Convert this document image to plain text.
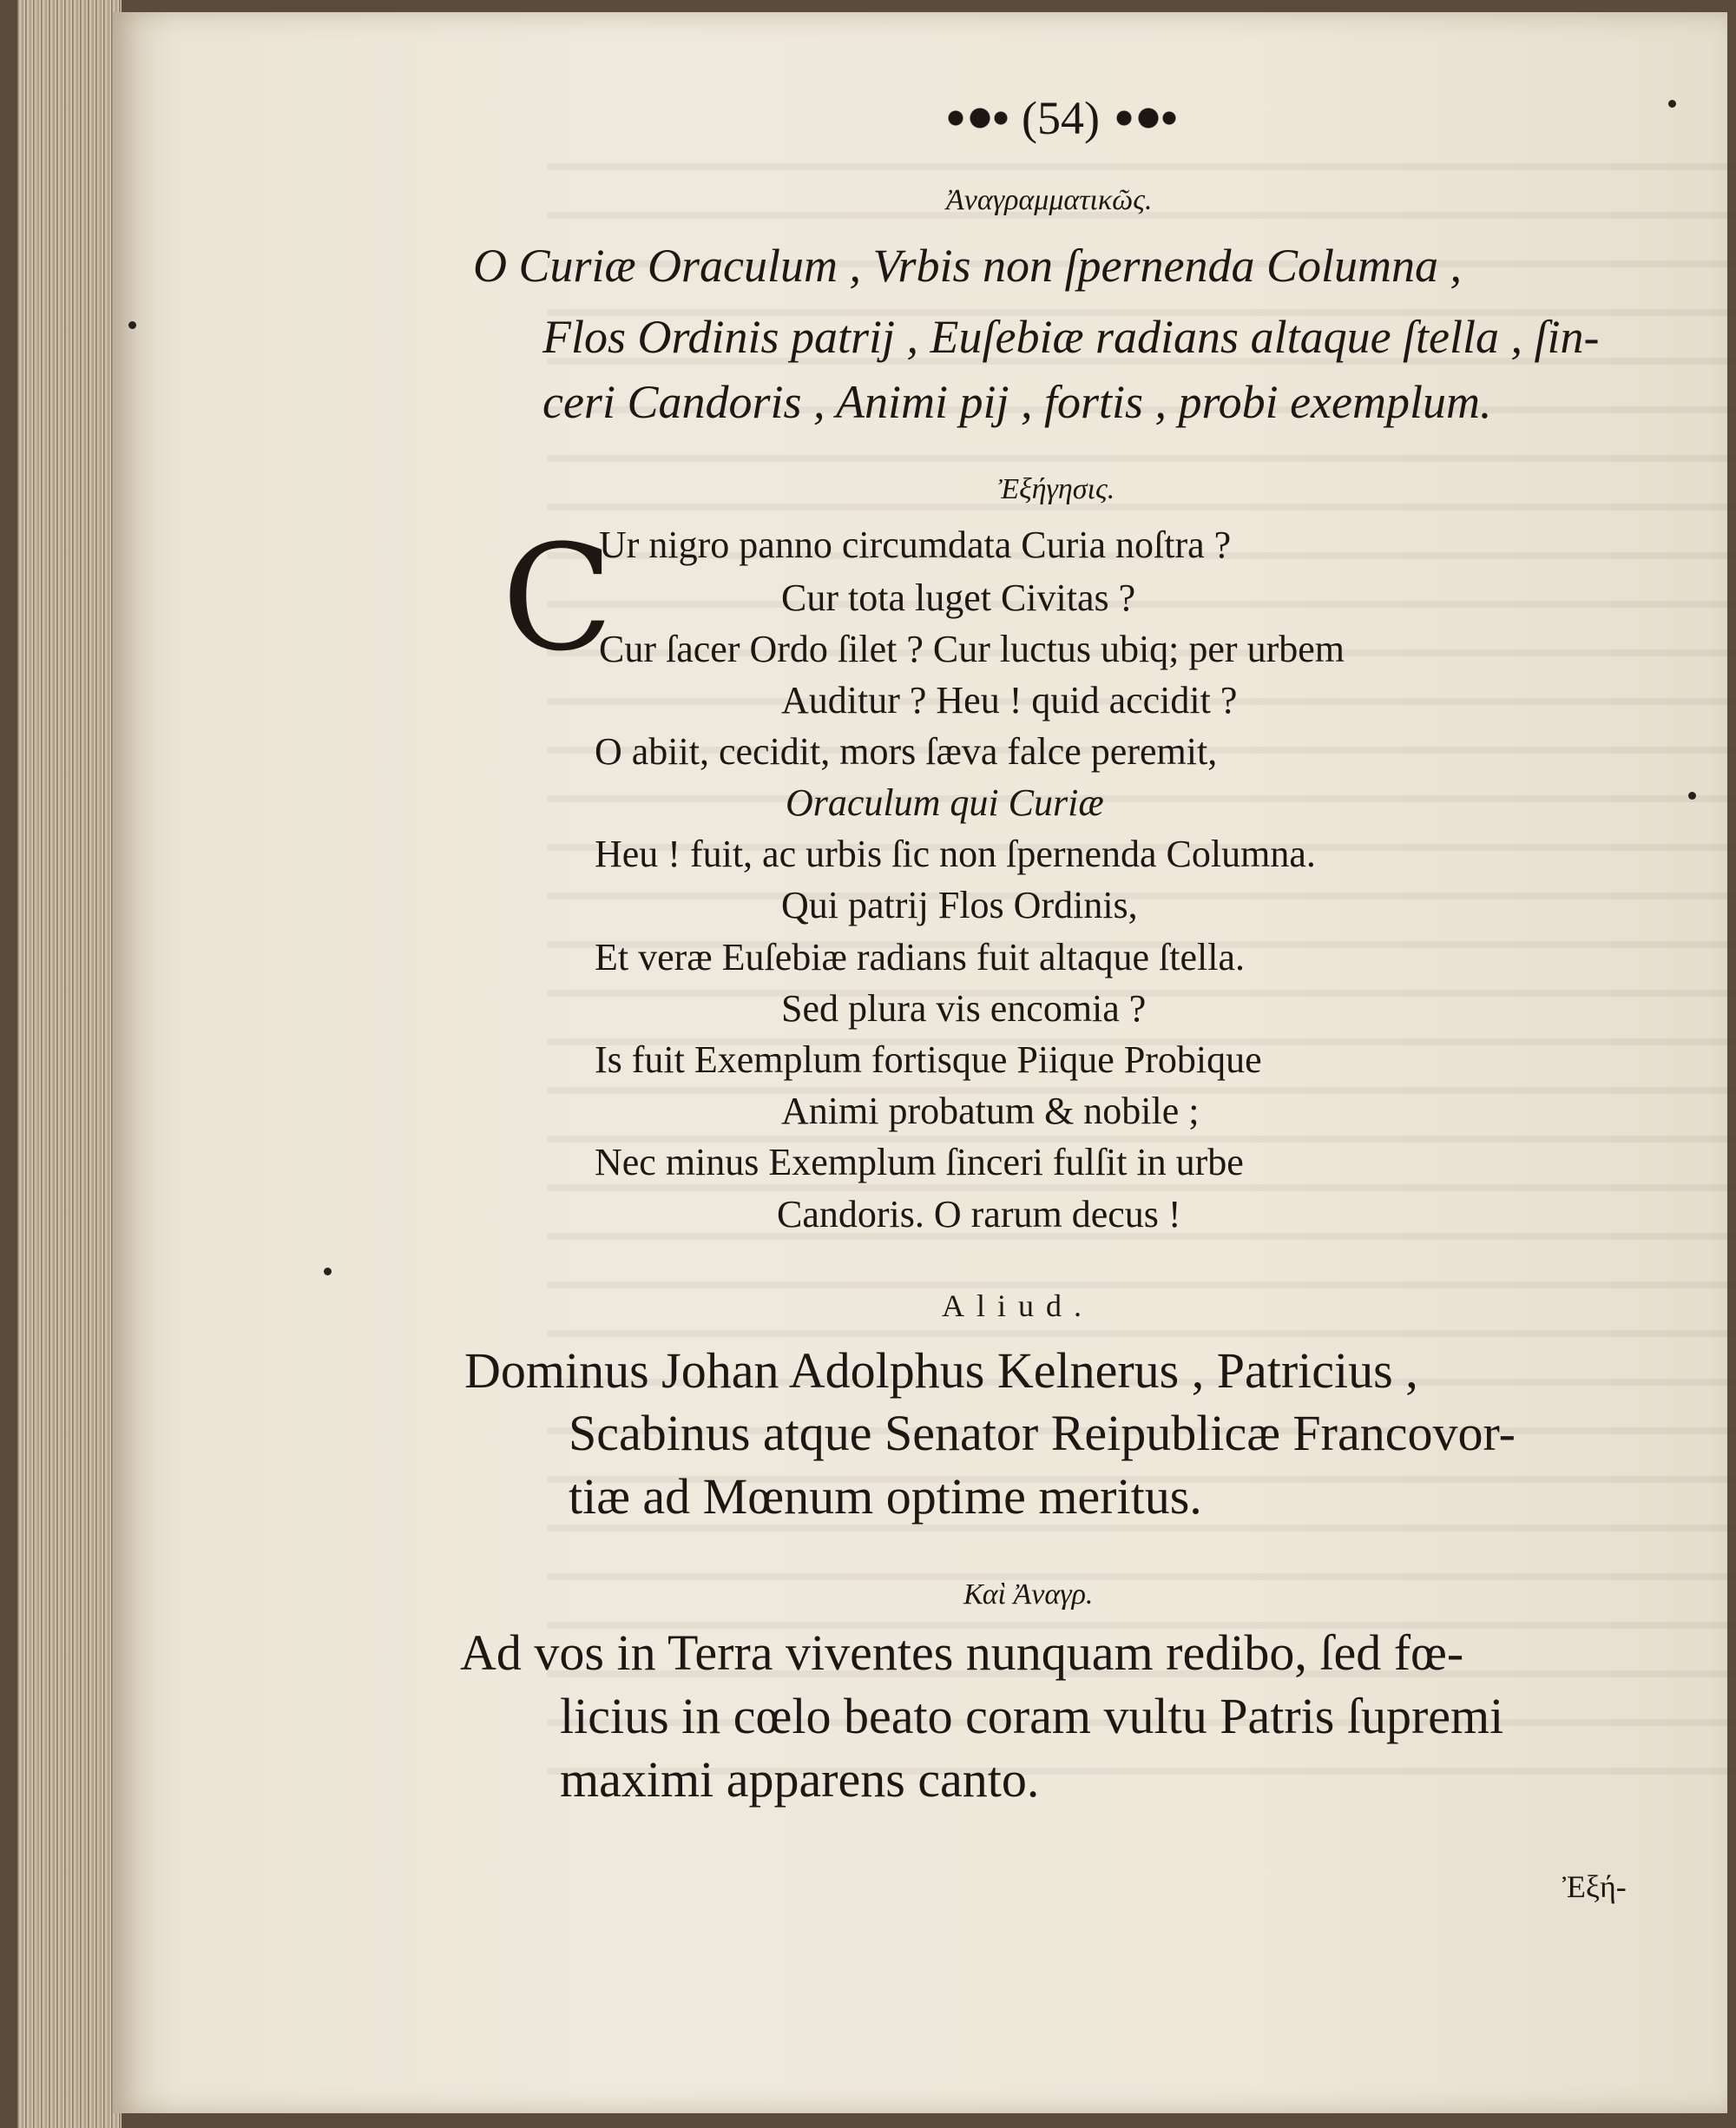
(54)
Ἀναγραμματικῶς.
O Curiæ Oraculum , Vrbis non ſpernenda Columna ,
Flos Ordinis patrij , Euſebiæ radians altaque ſtella , ſin-
ceri Candoris , Animi pij , fortis , probi exemplum.
Ἐξήγησις.
C
Ur nigro panno circumdata Curia noſtra ?
Cur tota luget Civitas ?
Cur ſacer Ordo ſilet ? Cur luctus ubiq; per urbem
Auditur ? Heu ! quid accidit ?
O abiit, cecidit, mors ſæva falce peremit,
Oraculum qui Curiæ
Heu ! fuit, ac urbis ſic non ſpernenda Columna.
Qui patrij Flos Ordinis,
Et veræ Euſebiæ radians fuit altaque ſtella.
Sed plura vis encomia ?
Is fuit Exemplum fortisque Piique Probique
Animi probatum & nobile ;
Nec minus Exemplum ſinceri fulſit in urbe
Candoris. O rarum decus !
Aliud.
Dominus Johan Adolphus Kelnerus , Patricius ,
Scabinus atque Senator Reipublicæ Francovor-
tiæ ad Mœnum optime meritus.
Καὶ Ἀναγρ.
Ad vos in Terra viventes nunquam redibo, ſed fœ-
licius in cœlo beato coram vultu Patris ſupremi
maximi apparens canto.
Ἐξή-
